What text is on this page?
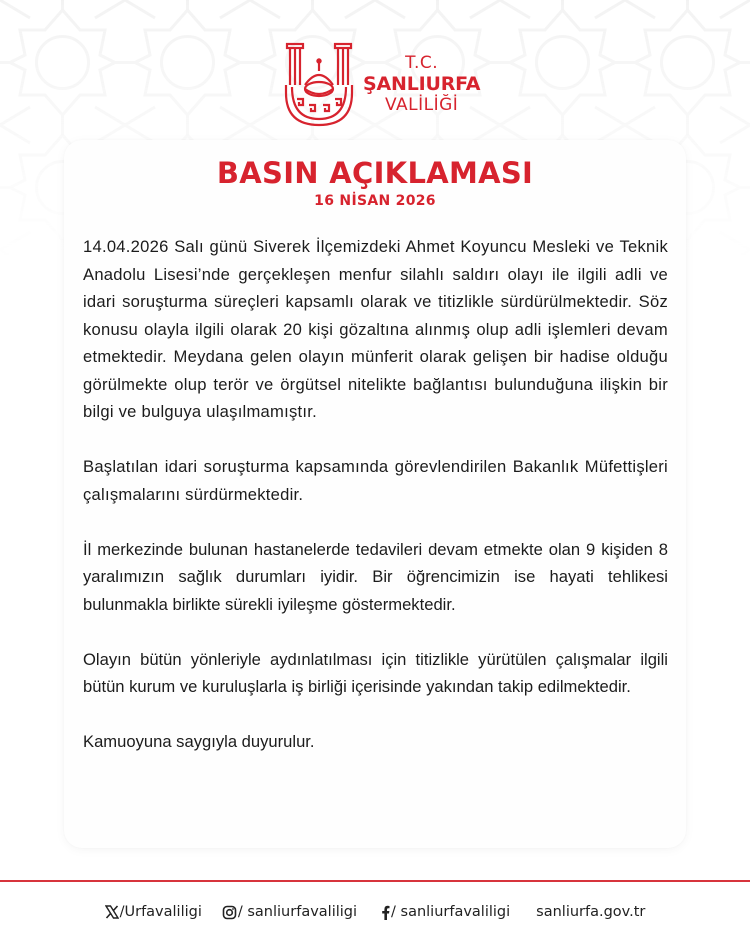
T.C.
ŞANLIURFA
VALİLİĞİ
BASIN AÇIKLAMASI
16 NİSAN 2026

14.04.2026 Salı günü Siverek İlçemizdeki Ahmet Koyuncu Mesleki ve Teknik Anadolu Lisesi’nde gerçekleşen menfur silahlı saldırı olayı ile ilgili adli ve idari soruşturma süreçleri kapsamlı olarak ve titizlikle sürdürülmektedir. Söz konusu olayla ilgili olarak 20 kişi gözaltına alınmış olup adli işlemleri devam etmektedir. Meydana gelen olayın münferit olarak gelişen bir hadise olduğu görülmekte olup terör ve örgütsel nitelikte bağlantısı bulunduğuna ilişkin bir bilgi ve bulguya ulaşılmamıştır.

Başlatılan idari soruşturma kapsamında görevlendirilen Bakanlık Müfettişleri çalışmalarını sürdürmektedir.

İl merkezinde bulunan hastanelerde tedavileri devam etmekte olan 9 kişiden 8 yaralımızın sağlık durumları iyidir. Bir öğrencimizin ise hayati tehlikesi bulunmakla birlikte sürekli iyileşme göstermektedir.

Olayın bütün yönleriyle aydınlatılması için titizlikle yürütülen çalışmalar ilgili bütün kurum ve kuruluşlarla iş birliği içerisinde yakından takip edilmektedir.

Kamuoyuna saygıyla duyurulur.

/Urfavaliligi / sanliurfavaliligi / sanliurfavaliligi sanliurfa.gov.tr
